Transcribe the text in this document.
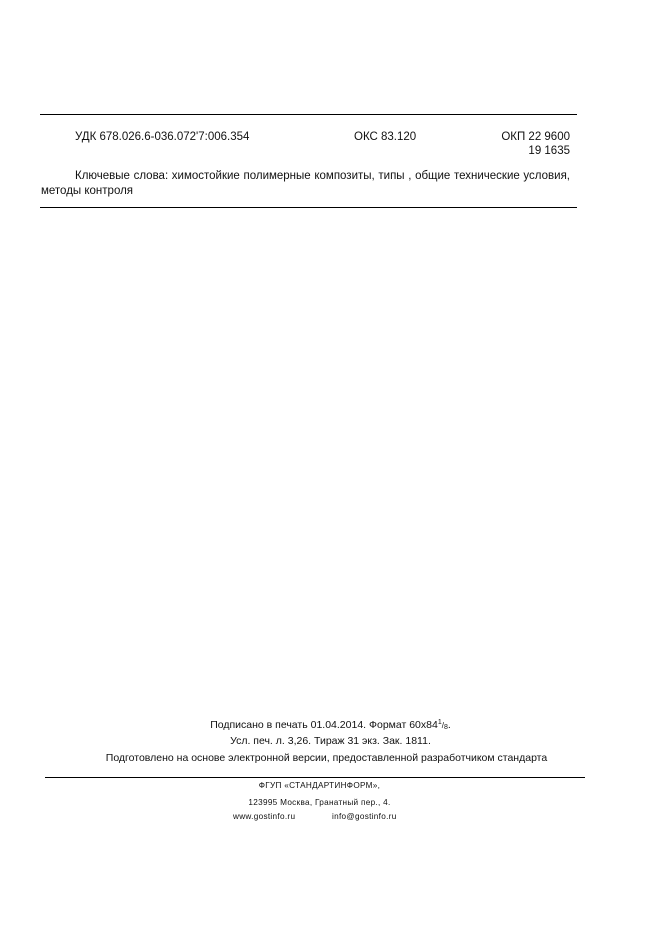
УДК 678.026.6-036.072'7:006.354	ОКС 83.120	ОКП 22 9600
19 1635
Ключевые слова: химостойкие полимерные композиты, типы , общие технические условия,
методы контроля
Подписано в печать 01.04.2014. Формат $60x84^1/_8$.
Усл. печ. л. 3,26. Тираж 31 экз. Зак. 1811.
Подготовлено на основе электронной версии, предоставленной разработчиком стандарта
ФГУП «СТАНДАРТИНФОРМ»,
123995 Москва, Гранатный пер., 4.
www.gostinfo.ru	info@gostinfo.ru
